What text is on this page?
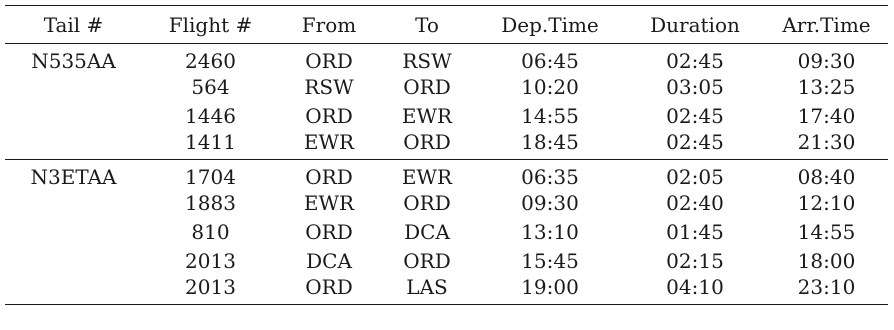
Tail #	Flight #	From	To	Dep.Time	Duration	Arr.Time
N535AA	2460	ORD	RSW	06:45	02:45	09:30
	564	RSW	ORD	10:20	03:05	13:25
	1446	ORD	EWR	14:55	02:45	17:40
	1411	EWR	ORD	18:45	02:45	21:30
N3ETAA	1704	ORD	EWR	06:35	02:05	08:40
	1883	EWR	ORD	09:30	02:40	12:10
	810	ORD	DCA	13:10	01:45	14:55
	2013	DCA	ORD	15:45	02:15	18:00
	2013	ORD	LAS	19:00	04:10	23:10
